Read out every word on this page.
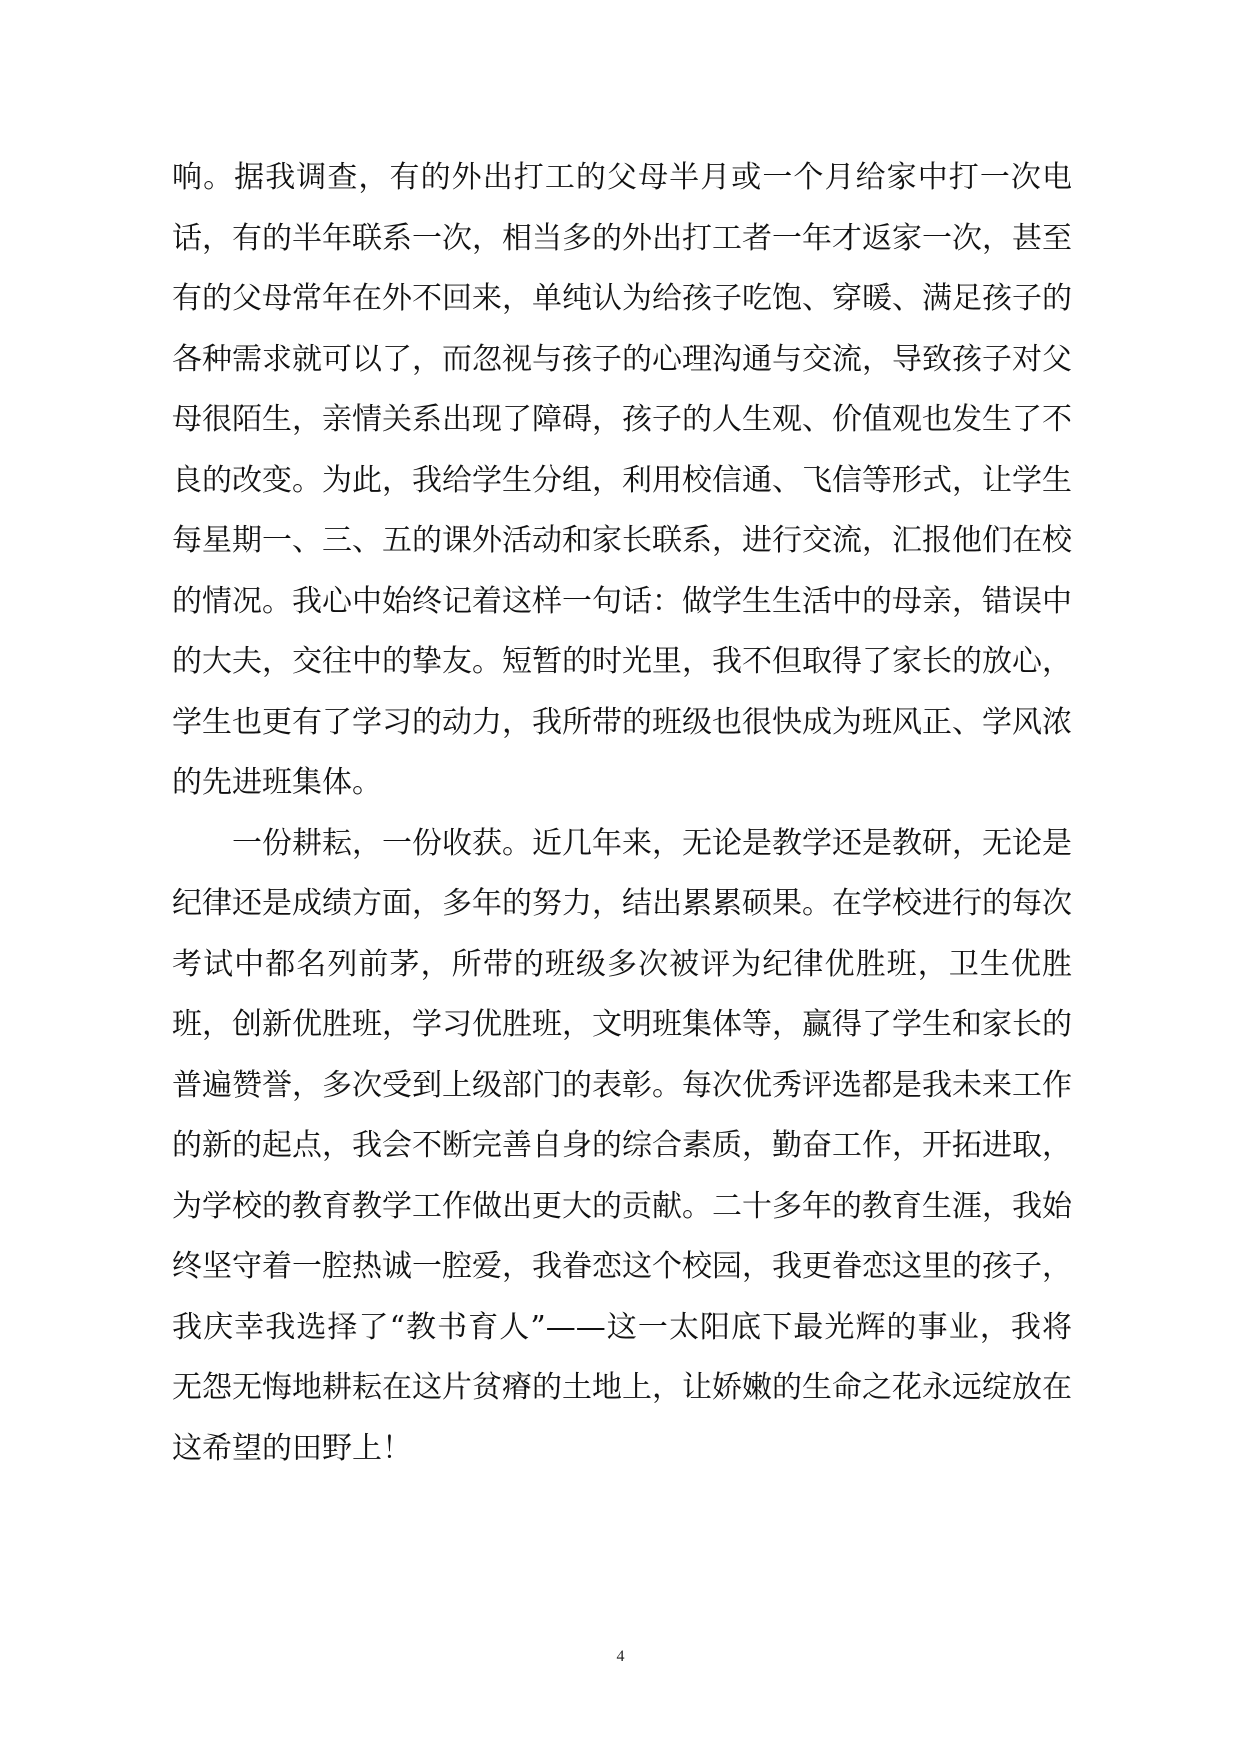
响。据我调查，有的外出打工的父母半月或一个月给家中打一次电话，有的半年联系一次，相当多的外出打工者一年才返家一次，甚至有的父母常年在外不回来，单纯认为给孩子吃饱、穿暖、满足孩子的各种需求就可以了，而忽视与孩子的心理沟通与交流，导致孩子对父母很陌生，亲情关系出现了障碍，孩子的人生观、价值观也发生了不良的改变。为此，我给学生分组，利用校信通、飞信等形式，让学生每星期一、三、五的课外活动和家长联系，进行交流，汇报他们在校的情况。我心中始终记着这样一句话：做学生生活中的母亲，错误中的大夫，交往中的挚友。短暂的时光里，我不但取得了家长的放心，学生也更有了学习的动力，我所带的班级也很快成为班风正、学风浓的先进班集体。

一份耕耘，一份收获。近几年来，无论是教学还是教研，无论是纪律还是成绩方面，多年的努力，结出累累硕果。在学校进行的每次考试中都名列前茅，所带的班级多次被评为纪律优胜班，卫生优胜班，创新优胜班，学习优胜班，文明班集体等，赢得了学生和家长的普遍赞誉，多次受到上级部门的表彰。每次优秀评选都是我未来工作的新的起点，我会不断完善自身的综合素质，勤奋工作，开拓进取，为学校的教育教学工作做出更大的贡献。二十多年的教育生涯，我始终坚守着一腔热诚一腔爱，我眷恋这个校园，我更眷恋这里的孩子，我庆幸我选择了“教书育人”——这一太阳底下最光辉的事业，我将无怨无悔地耕耘在这片贫瘠的土地上，让娇嫩的生命之花永远绽放在这希望的田野上！

4
